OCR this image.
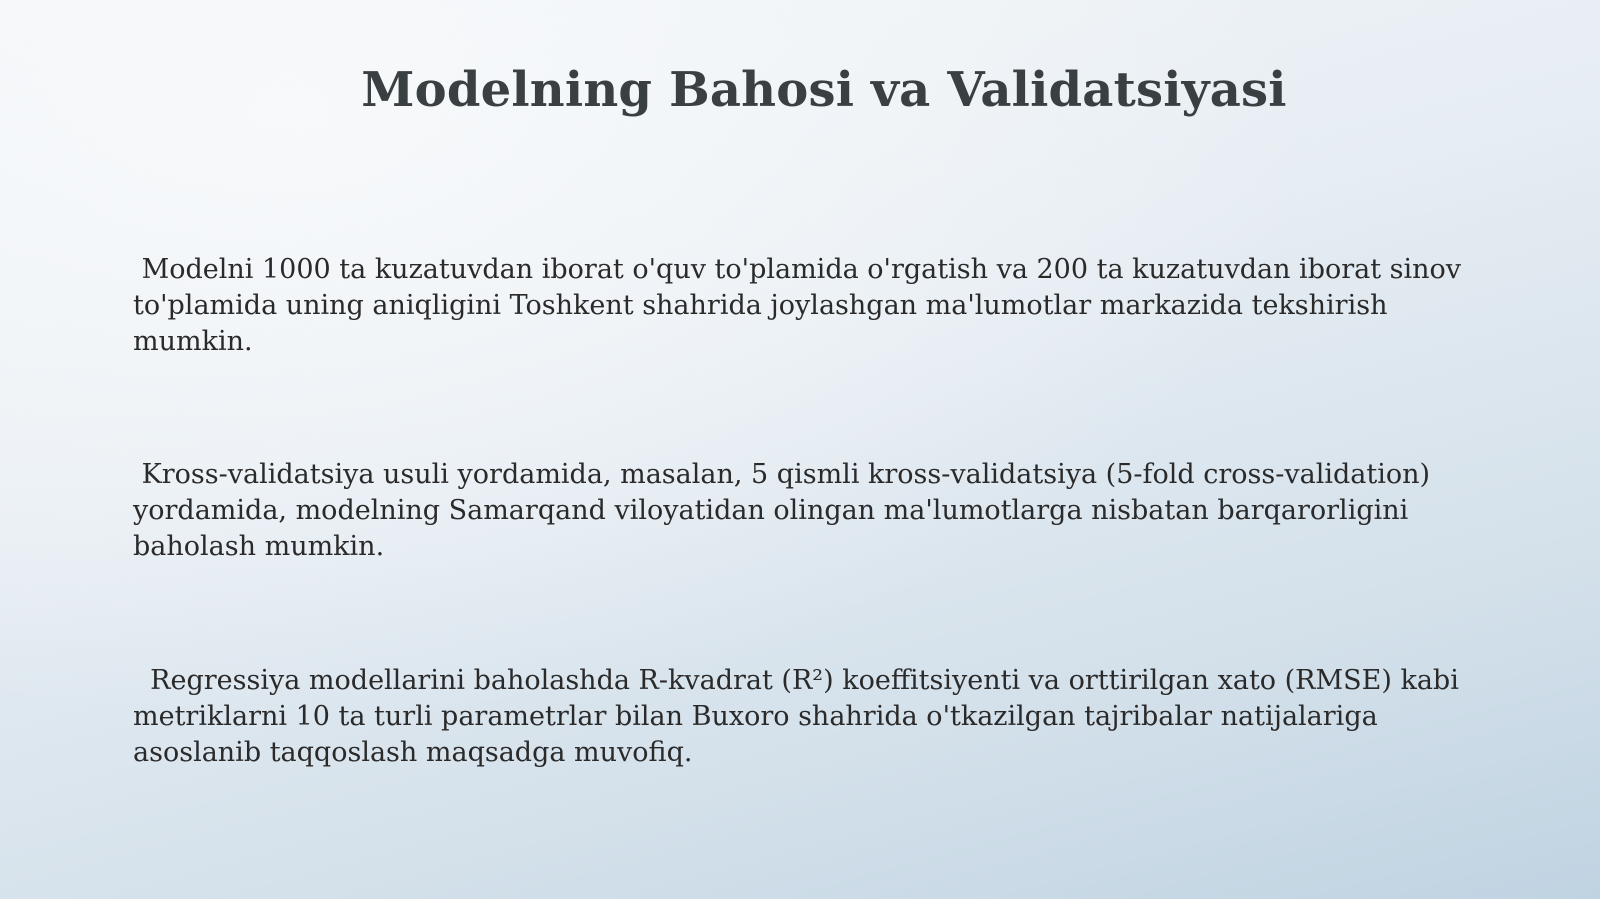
Modelning Bahosi va Validatsiyasi

Modelni 1000 ta kuzatuvdan iborat o'quv to'plamida o'rgatish va 200 ta kuzatuvdan iborat sinov to'plamida uning aniqligini Toshkent shahrida joylashgan ma'lumotlar markazida tekshirish mumkin.

Kross-validatsiya usuli yordamida, masalan, 5 qismli kross-validatsiya (5-fold cross-validation) yordamida, modelning Samarqand viloyatidan olingan ma'lumotlarga nisbatan barqarorligini baholash mumkin.

Regressiya modellarini baholashda R-kvadrat (R²) koeffitsiyenti va orttirilgan xato (RMSE) kabi metriklarni 10 ta turli parametrlar bilan Buxoro shahrida o'tkazilgan tajribalar natijalariga asoslanib taqqoslash maqsadga muvofiq.
